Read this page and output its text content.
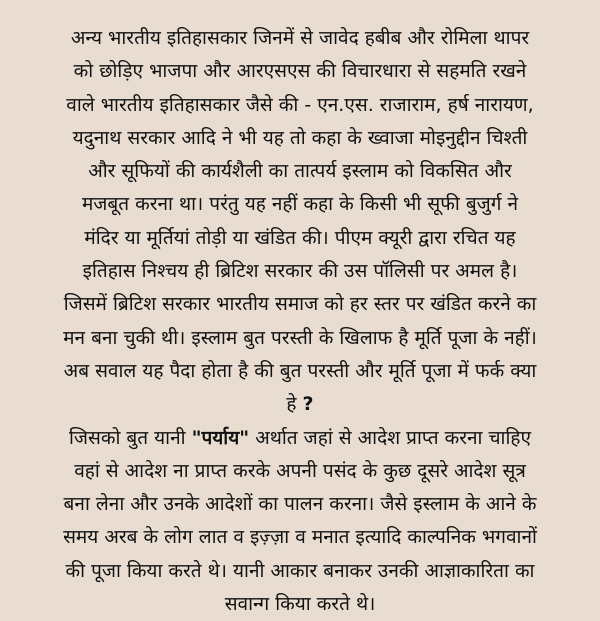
अन्य भारतीय इतिहासकार जिनमें से जावेद हबीब और रोमिला थापर
को छोड़िए भाजपा और आरएसएस की विचारधारा से सहमति रखने
वाले भारतीय इतिहासकार जैसे की - एन.एस. राजाराम, हर्ष नारायण,
यदुनाथ सरकार आदि ने भी यह तो कहा के ख्वाजा मोइनुद्दीन चिश्ती
और सूफियों की कार्यशैली का तात्पर्य इस्लाम को विकसित और
मजबूत करना था। परंतु यह नहीं कहा के किसी भी सूफी बुजुर्ग ने
मंदिर या मूर्तियां तोड़ी या खंडित की। पीएम क्यूरी द्वारा रचित यह
इतिहास निश्चय ही ब्रिटिश सरकार की उस पॉलिसी पर अमल है।
जिसमें ब्रिटिश सरकार भारतीय समाज को हर स्तर पर खंडित करने का
मन बना चुकी थी। इस्लाम बुत परस्ती के खिलाफ है मूर्ति पूजा के नहीं।
अब सवाल यह पैदा होता है की बुत परस्ती और मूर्ति पूजा में फर्क क्या
हे ?

जिसको बुत यानी "पर्याय" अर्थात जहां से आदेश प्राप्त करना चाहिए
वहां से आदेश ना प्राप्त करके अपनी पसंद के कुछ दूसरे आदेश सूत्र
बना लेना और उनके आदेशों का पालन करना। जैसे इस्लाम के आने के
समय अरब के लोग लात व इज़्ज़ा व मनात इत्यादि काल्पनिक भगवानों
की पूजा किया करते थे। यानी आकार बनाकर उनकी आज्ञाकारिता का
सवान्ग किया करते थे।
